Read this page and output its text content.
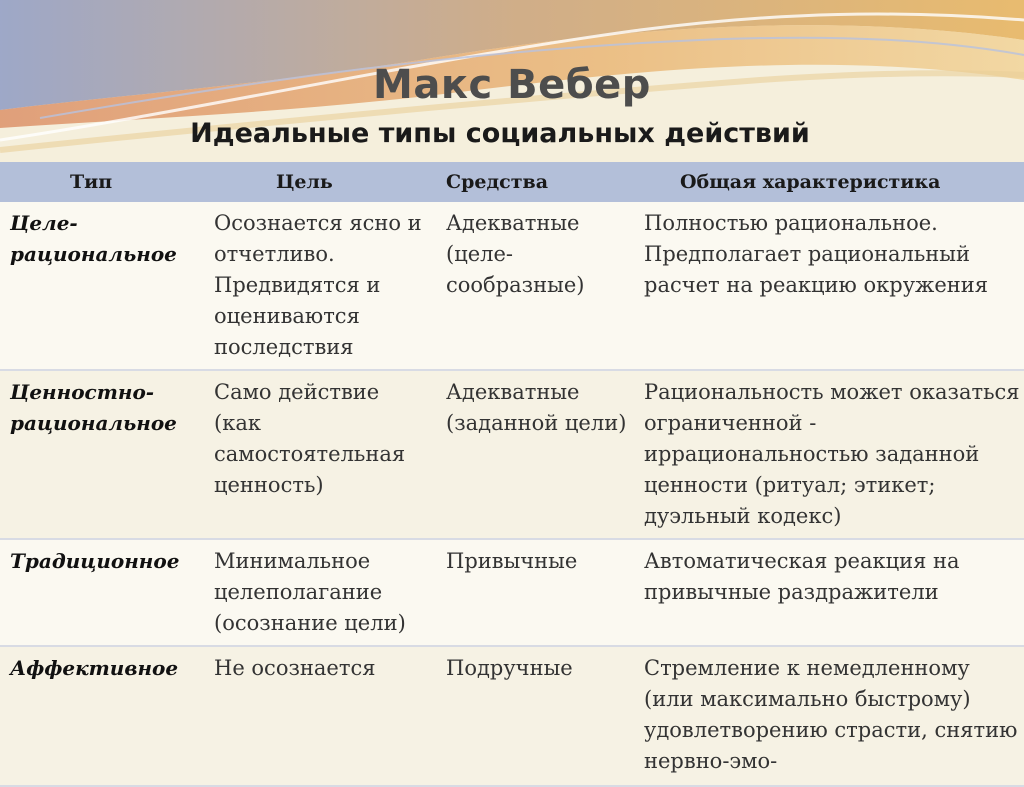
Макс Вебер
Идеальные типы социальных действий
Тип	Цель	Средства	Общая характеристика
Целе-рациональное	Осознается ясно и отчетливо. Предвидятся и оцениваются последствия	Адекватные (целе-сообразные)	Полностью рациональное. Предполагает рациональный расчет на реакцию окружения
Ценностно-рациональное	Само действие (как самостоятельная ценность)	Адекватные (заданной цели)	Рациональность может оказаться ограниченной - иррациональностью заданной ценности (ритуал; этикет; дуэльный кодекс)
Традиционное	Минимальное целеполагание (осознание цели)	Привычные	Автоматическая реакция на привычные раздражители
Аффективное	Не осознается	Подручные	Стремление к немедленному (или максимально быстрому) удовлетворению страсти, снятию нервно-эмо-
